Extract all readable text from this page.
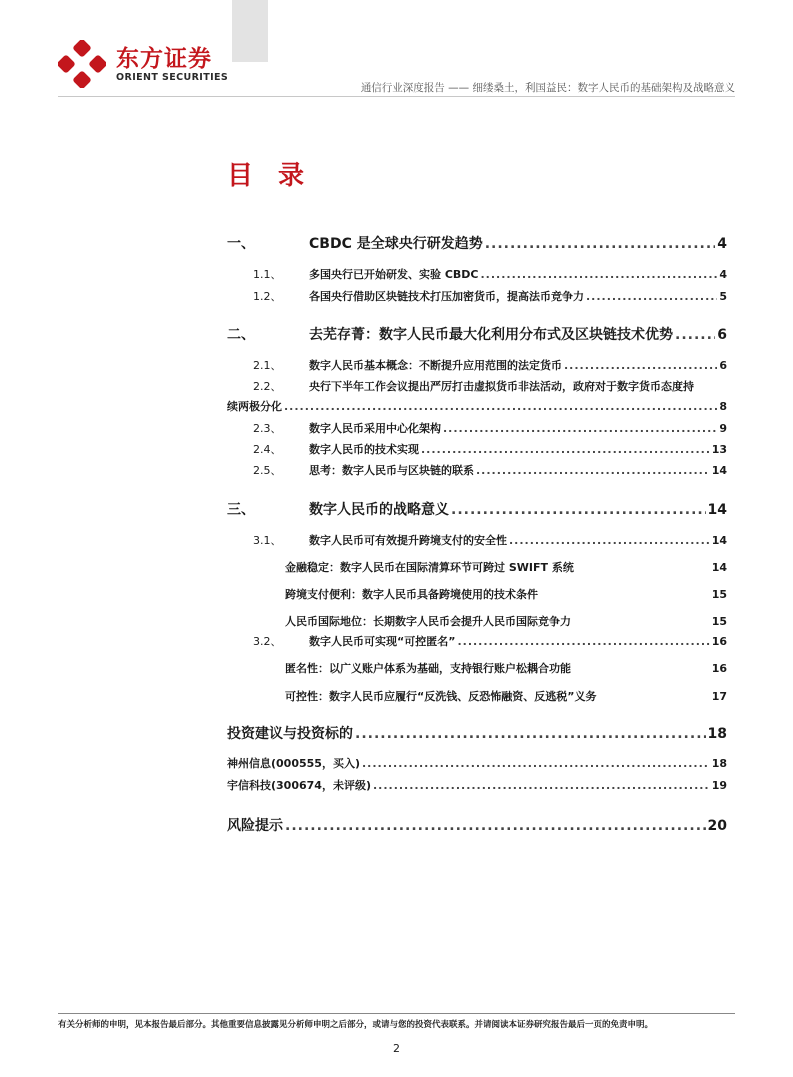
东方证券
ORIENT SECURITIES
通信行业深度报告 —— 细缕桑土，利国益民：数字人民币的基础架构及战略意义
目 录
一、	CBDC 是全球央行研发趋势 .....	4
1.1、	多国央行已开始研发、实验 CBDC .....	4
1.2、	各国央行借助区块链技术打压加密货币，提高法币竞争力 .....	5
二、	去芜存菁：数字人民币最大化利用分布式及区块链技术优势 .....	6
2.1、	数字人民币基本概念：不断提升应用范围的法定货币 .....	6
2.2、	央行下半年工作会议提出严厉打击虚拟货币非法活动，政府对于数字货币态度持
续两极分化 .....	8
2.3、	数字人民币采用中心化架构 .....	9
2.4、	数字人民币的技术实现 .....	13
2.5、	思考：数字人民币与区块链的联系 .....	14
三、	数字人民币的战略意义 .....	14
3.1、	数字人民币可有效提升跨境支付的安全性 .....	14
金融稳定：数字人民币在国际清算环节可跨过 SWIFT 系统	14
跨境支付便利：数字人民币具备跨境使用的技术条件	15
人民币国际地位：长期数字人民币会提升人民币国际竞争力	15
3.2、	数字人民币可实现“可控匿名” .....	16
匿名性：以广义账户体系为基础，支持银行账户松耦合功能	16
可控性：数字人民币应履行“反洗钱、反恐怖融资、反逃税”义务	17
投资建议与投资标的 .....	18
神州信息(000555，买入) .....	18
宇信科技(300674，未评级) .....	19
风险提示 .....	20
有关分析师的申明，见本报告最后部分。其他重要信息披露见分析师申明之后部分，或请与您的投资代表联系。并请阅读本证券研究报告最后一页的免责申明。
2
